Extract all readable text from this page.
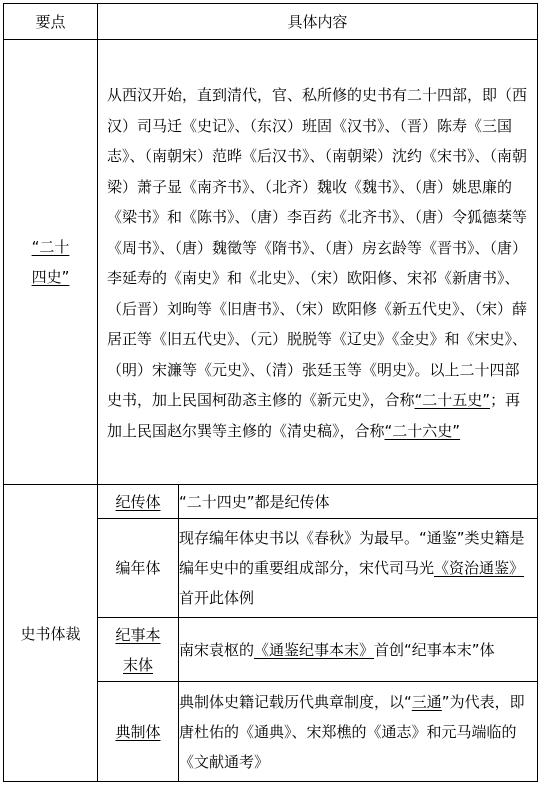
要点	具体内容	
“二十四史”	从西汉开始，直到清代，官、私所修的史书有二十四部，即（西汉）司马迁《史记》、（东汉）班固《汉书》、（晋）陈寿《三国志》、（南朝宋）范晔《后汉书》、（南朝梁）沈约《宋书》、（南朝梁）萧子显《南齐书》、（北齐）魏收《魏书》、（唐）姚思廉的《梁书》和《陈书》、（唐）李百药《北齐书》、（唐）令狐德棻等《周书》、（唐）魏徵等《隋书》、（唐）房玄龄等《晋书》、（唐）李延寿的《南史》和《北史》、（宋）欧阳修、宋祁《新唐书》、（后晋）刘昫等《旧唐书》、（宋）欧阳修《新五代史》、（宋）薛居正等《旧五代史》、（元）脱脱等《辽史》《金史》和《宋史》、（明）宋濂等《元史》、（清）张廷玉等《明史》。以上二十四部史书，加上民国柯劭忞主修的《新元史》，合称“二十五史”；再加上民国赵尔巽等主修的《清史稿》，合称“二十六史”	

史书体裁	纪传体	“二十四史”都是纪传体
	编年体	现存编年体史书以《春秋》为最早。“通鉴”类史籍是编年史中的重要组成部分，宋代司马光《资治通鉴》首开此体例
	纪事本末体	南宋袁枢的《通鉴纪事本末》首创“纪事本末”体
	典制体	典制体史籍记载历代典章制度，以“三通”为代表，即唐杜佑的《通典》、宋郑樵的《通志》和元马端临的《文献通考》
